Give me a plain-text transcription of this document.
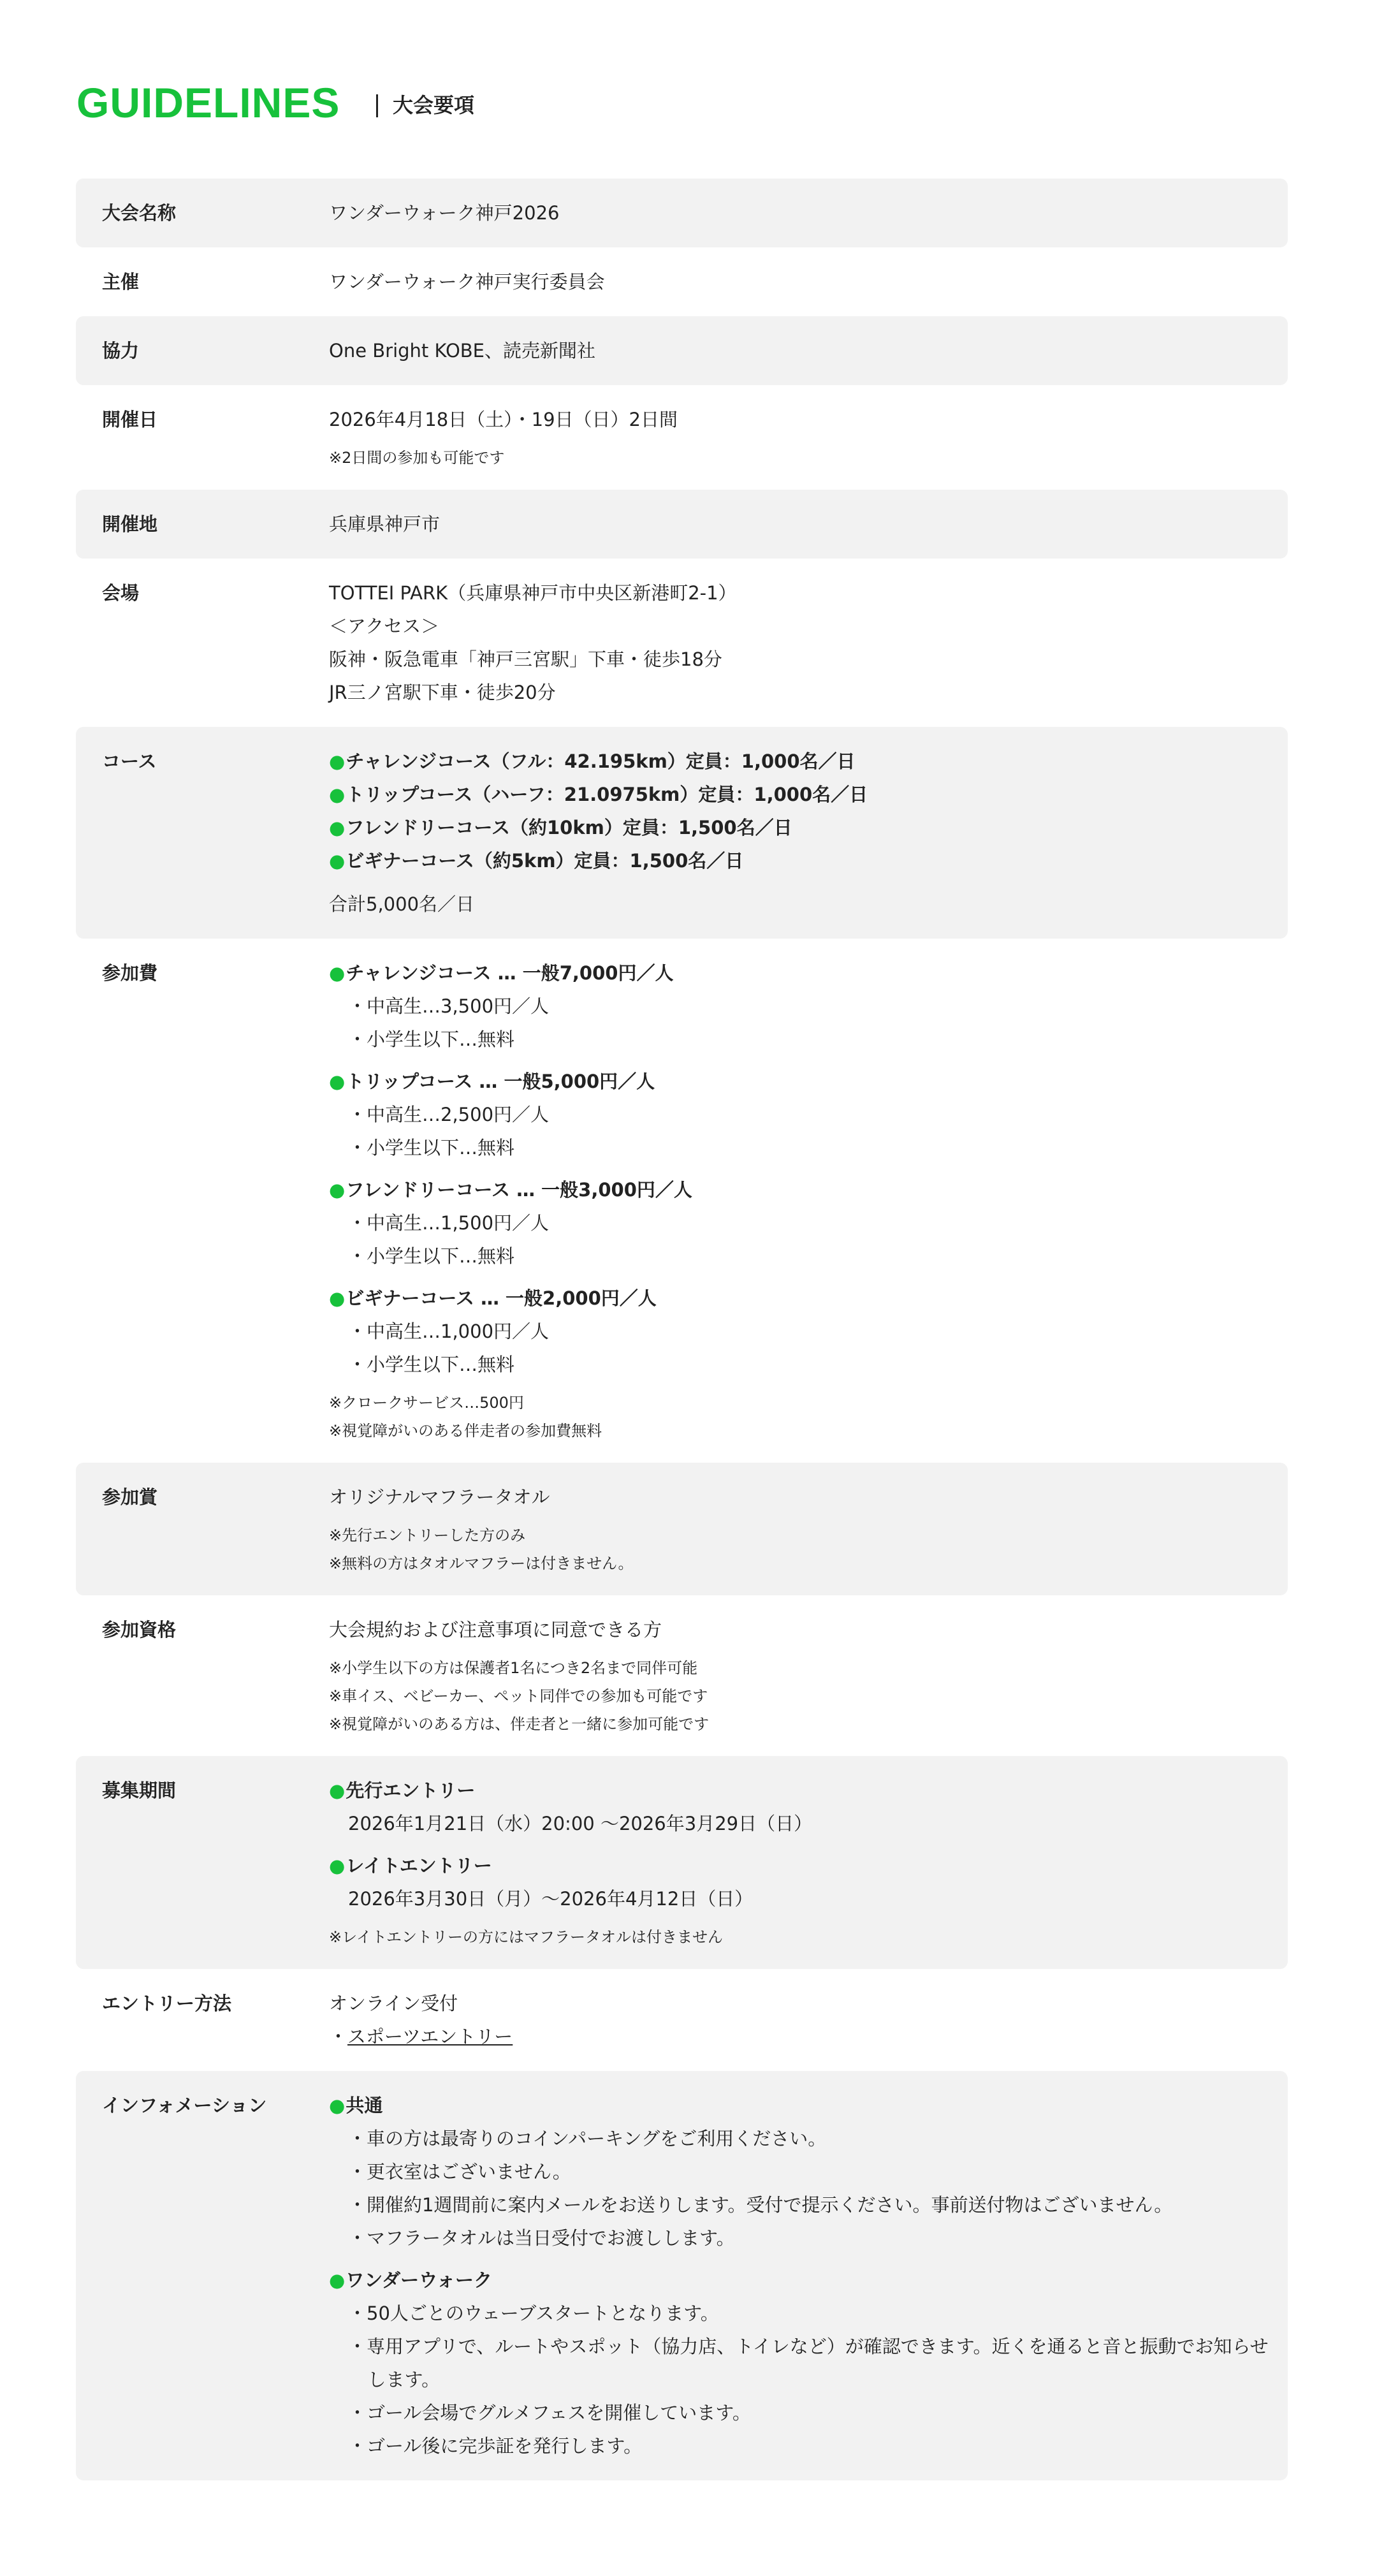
GUIDELINES	大会要項
大会名称	ワンダーウォーク神戸2026
主催	ワンダーウォーク神戸実行委員会
協力	One Bright KOBE、読売新聞社
開催日	2026年4月18日（土）・19日（日）2日間
※2日間の参加も可能です
開催地	兵庫県神戸市
会場	TOTTEI PARK（兵庫県神戸市中央区新港町2-1）
＜アクセス＞
阪神・阪急電車「神戸三宮駅」下車・徒歩18分
JR三ノ宮駅下車・徒歩20分
コース	●チャレンジコース（フル：42.195km）定員：1,000名／日
●トリップコース（ハーフ：21.0975km）定員：1,000名／日
●フレンドリーコース（約10km）定員：1,500名／日
●ビギナーコース（約5km）定員：1,500名／日
合計5,000名／日
参加費	●チャレンジコース … 一般7,000円／人
・中高生…3,500円／人
・小学生以下…無料
●トリップコース … 一般5,000円／人
・中高生…2,500円／人
・小学生以下…無料
●フレンドリーコース … 一般3,000円／人
・中高生…1,500円／人
・小学生以下…無料
●ビギナーコース … 一般2,000円／人
・中高生…1,000円／人
・小学生以下…無料
※クロークサービス…500円
※視覚障がいのある伴走者の参加費無料
参加賞	オリジナルマフラータオル
※先行エントリーした方のみ
※無料の方はタオルマフラーは付きません。
参加資格	大会規約および注意事項に同意できる方
※小学生以下の方は保護者1名につき2名まで同伴可能
※車イス、ベビーカー、ペット同伴での参加も可能です
※視覚障がいのある方は、伴走者と一緒に参加可能です
募集期間	●先行エントリー
2026年1月21日（水）20:00 〜2026年3月29日（日）
●レイトエントリー
2026年3月30日（月）〜2026年4月12日（日）
※レイトエントリーの方にはマフラータオルは付きません
エントリー方法	オンライン受付
・スポーツエントリー
インフォメーション	●共通
・車の方は最寄りのコインパーキングをご利用ください。
・更衣室はございません。
・開催約1週間前に案内メールをお送りします。受付で提示ください。事前送付物はございません。
・マフラータオルは当日受付でお渡しします。
●ワンダーウォーク
・50人ごとのウェーブスタートとなります。
・専用アプリで、ルートやスポット（協力店、トイレなど）が確認できます。近くを通ると音と振動でお知らせします。
・ゴール会場でグルメフェスを開催しています。
・ゴール後に完歩証を発行します。
